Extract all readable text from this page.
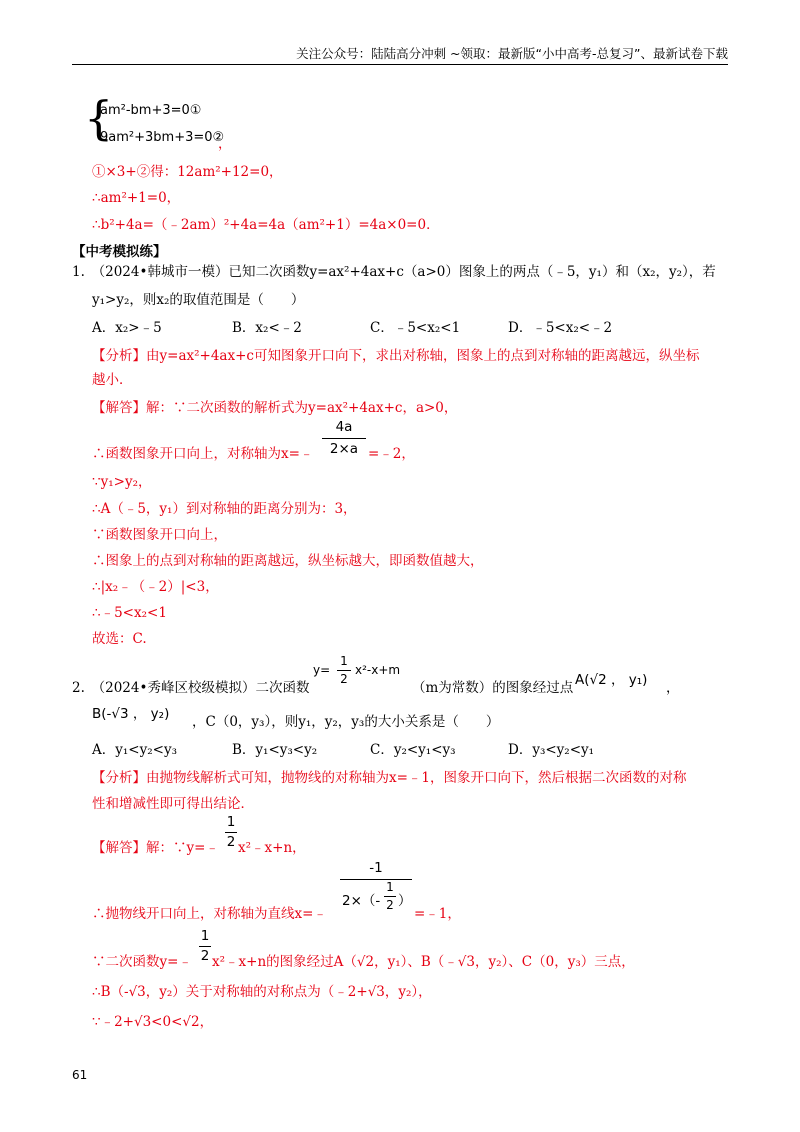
关注公众号：陆陆高分冲刺 ~领取：最新版“小中高考-总复习”、最新试卷下载
{
am²-bm+3=0①
9am²+3bm+3=0②
，
①×3+②得：12am²+12=0，
∴am²+1=0，
∴b²+4a=（﹣2am）²+4a=4a（am²+1）=4a×0=0．
【中考模拟练】
1.　（2024•韩城市一模）已知二次函数y=ax²+4ax+c（a>0）图象上的两点（﹣5，y₁）和（x₂，y₂），若
y₁>y₂，则x₂的取值范围是（　　）
A．x₂>﹣5	B．x₂<﹣2	C．﹣5<x₂<1	D．﹣5<x₂<﹣2
【分析】由y=ax²+4ax+c可知图象开口向下，求出对称轴，图象上的点到对称轴的距离越远，纵坐标
越小．
【解答】解：∵二次函数的解析式为y=ax²+4ax+c，a>0，
∴函数图象开口向上，对称轴为x=﹣
4a
2×a =﹣2，
∵y₁>y₂，
∴A（﹣5，y₁）到对称轴的距离分别为：3，
∵函数图象开口向上，
∴图象上的点到对称轴的距离越远，纵坐标越大，即函数值越大，
∴|x₂﹣（﹣2）|<3，
∴﹣5<x₂<1
故选：C.
2.　（2024•秀峰区校级模拟）二次函数
y=
1
2
x²-x+m
（m为常数）的图象经过点 A(√2 ， y₁) ，
B(-√3 ， y₂) ，C（0，y₃），则y₁，y₂，y₃的大小关系是（　　）
A．y₁<y₂<y₃	B．y₁<y₃<y₂	C．y₂<y₁<y₃	D．y₃<y₂<y₁
【分析】由抛物线解析式可知，抛物线的对称轴为x=﹣1，图象开口向下，然后根据二次函数的对称
性和增减性即可得出结论．
【解答】解：∵y=﹣
1
2 x²﹣x+n，
∴抛物线开口向上，对称轴为直线x=﹣
-1
2×（-
1
2 ）
=﹣1，
∵二次函数y=﹣
1
2 x²﹣x+n的图象经过A（√2，y₁）、B（﹣√3，y₂）、C（0，y₃）三点，
∴B（-√3，y₂）关于对称轴的对称点为（﹣2+√3，y₂），
∵﹣2+√3<0<√2，
61
